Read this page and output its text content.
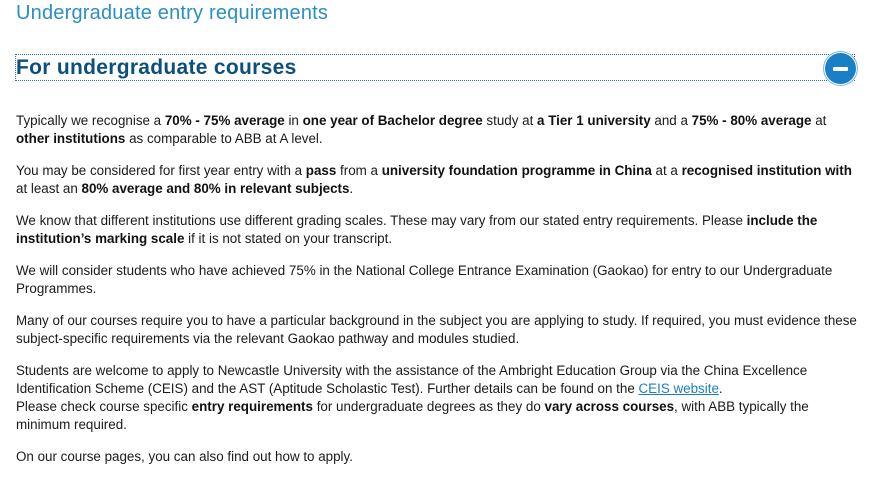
Undergraduate entry requirements
For undergraduate courses

Typically we recognise a 70% - 75% average in one year of Bachelor degree study at a Tier 1 university and a 75% - 80% average at other institutions as comparable to ABB at A level.

You may be considered for first year entry with a pass from a university foundation programme in China at a recognised institution with at least an 80% average and 80% in relevant subjects.

We know that different institutions use different grading scales. These may vary from our stated entry requirements. Please include the institution’s marking scale if it is not stated on your transcript.

We will consider students who have achieved 75% in the National College Entrance Examination (Gaokao) for entry to our Undergraduate Programmes.

Many of our courses require you to have a particular background in the subject you are applying to study. If required, you must evidence these subject-specific requirements via the relevant Gaokao pathway and modules studied.

Students are welcome to apply to Newcastle University with the assistance of the Ambright Education Group via the China Excellence Identification Scheme (CEIS) and the AST (Aptitude Scholastic Test). Further details can be found on the CEIS website.
Please check course specific entry requirements for undergraduate degrees as they do vary across courses, with ABB typically the minimum required.

On our course pages, you can also find out how to apply.
